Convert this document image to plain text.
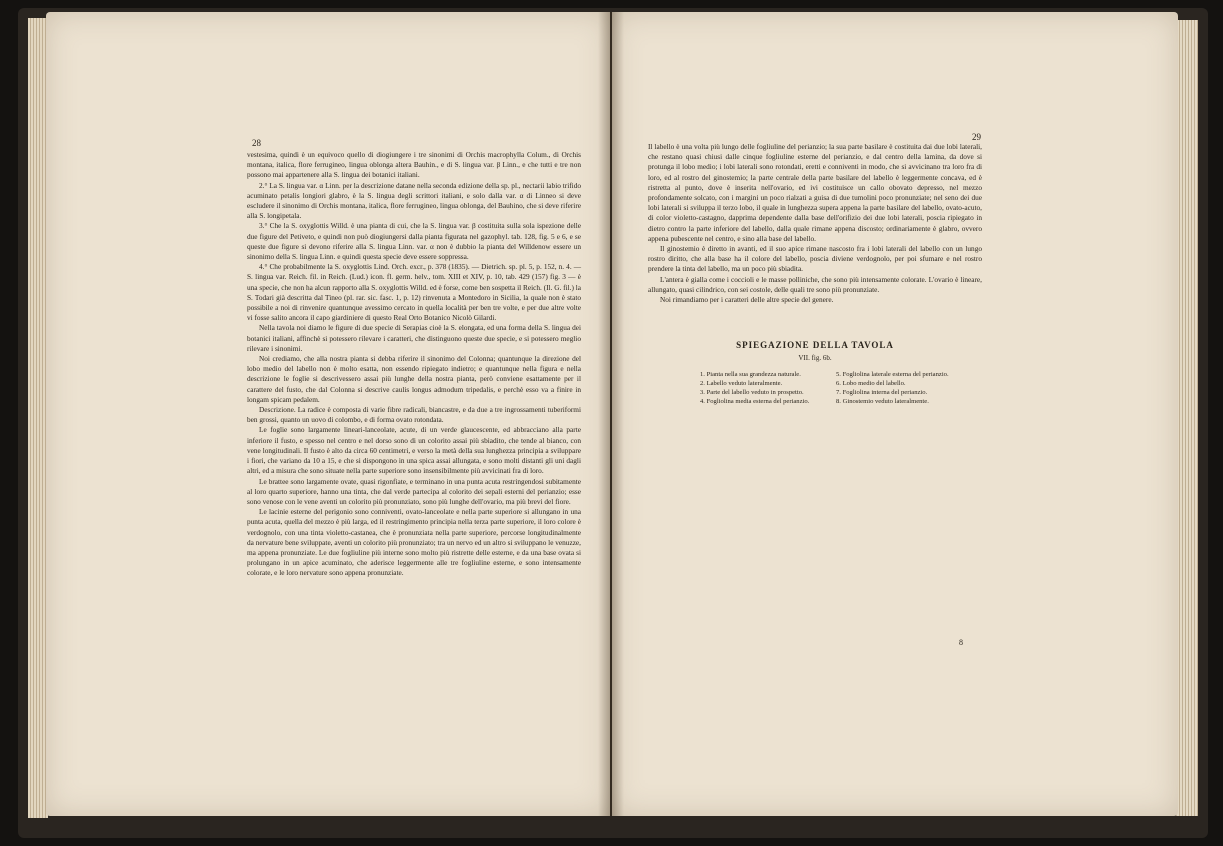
28

vestesima, quindi è un equivoco quello di diogiungere i tre sinonimi di Orchis macrophylla Colum., di Orchis montana, italica, flore ferrugineo, lingua oblonga altera Bauhin., e di S. lingua var. β Linn., e che tutti e tre non possono mai appartenere alla S. lingua dei botanici italiani.

2.° La S. lingua var. α Linn. per la descrizione datane nella seconda edizione della sp. pl., nectarii labio trifido acuminato petalis longiori glabro, è la S. lingua degli scrittori italiani, e solo dalla var. α di Linneo si deve escludere il sinonimo di Orchis montana, italica, flore ferrugineo, lingua oblonga, del Bauhino, che si deve riferire alla S. longipetala.

3.° Che la S. oxyglottis Willd. è una pianta di cui, che la S. lingua var. β costituita sulla sola ispezione delle due figure del Petiveto, e quindi non può diogiungersi dalla pianta figurata nel gazophyl. tab. 128, fig. 5 e 6, e se queste due figure si devono riferire alla S. lingua Linn. var. α non è dubbio la pianta del Willdenow essere un sinonimo della S. lingua Linn. e quindi questa specie deve essere soppressa.

4.° Che probabilmente la S. oxyglottis Lind. Orch. excr., p. 378 (1835). — Dietrich. sp. pl. 5, p. 152, n. 4. — S. lingua var. Reich. fil. in Reich. (Lud.) icon. fl. germ. helv., tom. XIII et XIV, p. 10, tab. 429 (157) fig. 3 — è una specie, che non ha alcun rapporto alla S. oxyglottis Willd. ed è forse, come ben sospetta il Reich. (Il. G. fil.) la S. Todari già descritta dal Tineo (pl. rar. sic. fasc. 1, p. 12) rinvenuta a Montedoro in Sicilia, la quale non è stato possibile a noi di rinvenire quantunque avessimo cercato in quella località per ben tre volte, e per due altre volte vi fosse salito ancora il capo giardiniere di questo Real Orto Botanico Nicolò Gilardi.

Nella tavola noi diamo le figure di due specie di Serapias cioè la S. elongata, ed una forma della S. lingua dei botanici italiani, affinchè si potessero rilevare i caratteri, che distinguono queste due specie, e si potessero meglio rilevare i sinonimi.

Noi crediamo, che alla nostra pianta si debba riferire il sinonimo del Colonna; quantunque la direzione del lobo medio del labello non è molto esatta, non essendo ripiegato indietro; e quantunque nella figura e nella descrizione le foglie si descrivessero assai più lunghe della nostra pianta, però conviene esattamente per il carattere del fusto, che dal Colonna si descrive caulis longus admodum tripedalis, e perchè esso va a finire in longam spicam pedalem.

Descrizione. La radice è composta di varie fibre radicali, biancastre, e da due a tre ingrossamenti tuberiformi ben grossi, quanto un uovo di colombo, e di forma ovato rotondata.

Le foglie sono largamente lineari-lanceolate, acute, di un verde glaucescente, ed abbracciano alla parte inferiore il fusto, e spesso nel centro e nel dorso sono di un colorito assai più sbiadito, che tende al bianco, con vene longitudinali. Il fusto è alto da circa 60 centimetri, e verso la metà della sua lunghezza principia a sviluppare i fiori, che variano da 10 a 15, e che si dispongono in una spica assai allungata, e sono molti distanti gli uni dagli altri, ed a misura che sono situate nella parte superiore sono insensibilmente più avvicinati fra di loro.

Le brattee sono largamente ovate, quasi rigonfiate, e terminano in una punta acuta restringendosi subitamente al loro quarto superiore, hanno una tinta, che dal verde partecipa al colorito dei sepali esterni del perianzio; esse sono venose con le vene aventi un colorito più pronunziato, sono più lunghe dell'ovario, ma più brevi del fiore.

Le lacinie esterne del perigonio sono conniventi, ovato-lanceolate e nella parte superiore si allungano in una punta acuta, quella del mezzo è più larga, ed il restringimento principia nella terza parte superiore, il loro colore è verdognolo, con una tinta violetto-castanea, che è pronunziata nella parte superiore, percorse longitudinalmente da nervature bene sviluppate, aventi un colorito più pronunziato; tra un nervo ed un altro si sviluppano le venuzze, ma appena pronunziate. Le due fogliuline più interne sono molto più ristrette delle esterne, e da una base ovata si prolungano in un apice acuminato, che aderisce leggermente alle tre fogliuline esterne, e sono intensamente colorate, e le loro nervature sono appena pronunziate.

29

Il labello è una volta più lungo delle fogliuline del perianzio; la sua parte basilare è costituita dai due lobi laterali, che restano quasi chiusi dalle cinque fogliuline esterne del perianzio, e dal centro della lamina, da dove si protunga il lobo medio; i lobi laterali sono rotondati, eretti e conniventi in modo, che si avvicinano tra loro fra di loro, ed al rostro del ginostemio; la parte centrale della parte basilare del labello è leggermente concava, ed è ristretta al punto, dove è inserita nell'ovario, ed ivi costituisce un callo obovato depresso, nel mezzo profondamente solcato, con i margini un poco rialzati a guisa di due tumolini poco pronunziate; nel seno dei due lobi laterali si sviluppa il terzo lobo, il quale in lunghezza supera appena la parte basilare del labello, ovato-acuto, di color violetto-castagno, dapprima dependente dalla base dell'orifizio dei due lobi laterali, poscia ripiegato in dietro contro la parte inferiore del labello, dalla quale rimane appena discosto; ordinariamente è glabro, ovvero appena pubescente nel centro, e sino alla base del labello.

Il ginostemio è diretto in avanti, ed il suo apice rimane nascosto fra i lobi laterali del labello con un lungo rostro diritto, che alla base ha il colore del labello, poscia diviene verdognolo, per poi sfumare e nel rostro prendere la tinta del labello, ma un poco più sbiadita.

L'antera è gialla come i coccioli e le masse polliniche, che sono più intensamente colorate. L'ovario è lineare, allungato, quasi cilindrico, con sei costole, delle quali tre sono più pronunziate.

Noi rimandiamo per i caratteri delle altre specie del genere.

SPIEGAZIONE DELLA TAVOLA
VII. fig. 6b.
1. Pianta nella sua grandezza naturale.
2. Labello veduto lateralmente.
3. Parte del labello veduto in prospetto.
4. Fogliolina media esterna del perianzio.
5. Fogliolina laterale esterna del perianzio.
6. Lobo medio del labello.
7. Fogliolina interna del perianzio.
8. Ginostemio veduto lateralmente.
8
